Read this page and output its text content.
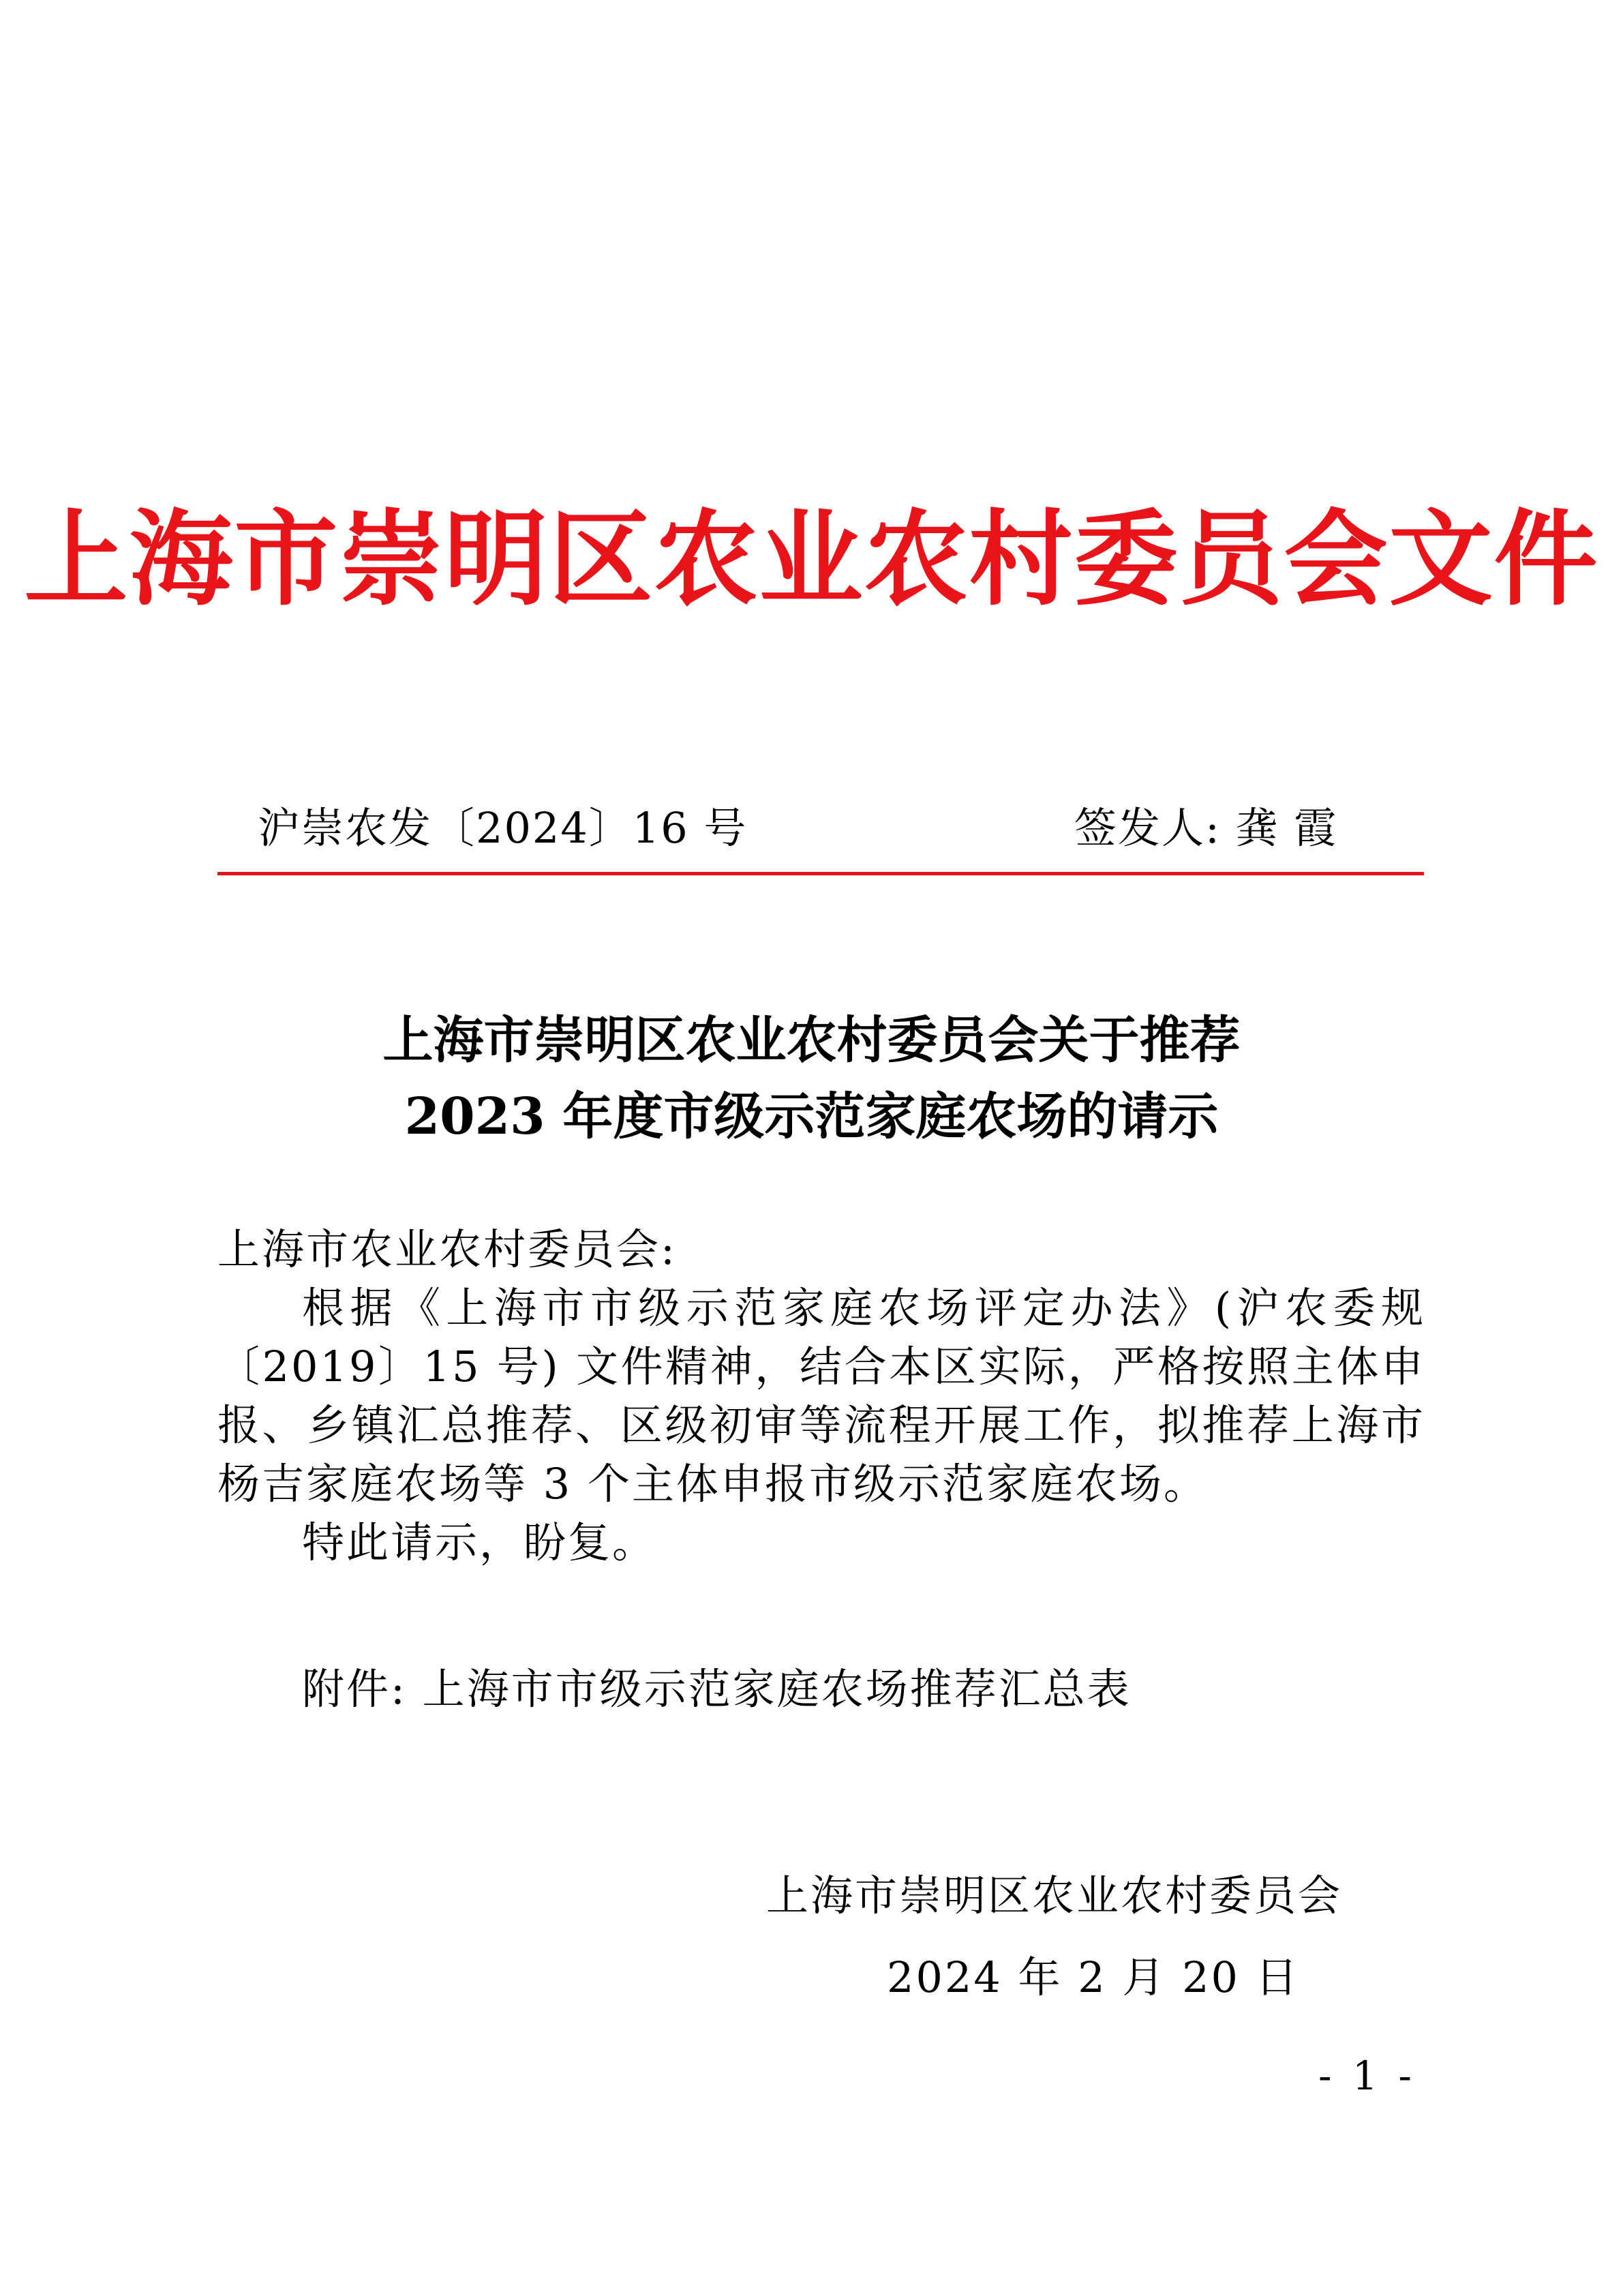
上海市崇明区农业农村委员会文件
沪崇农发〔2024〕16 号	签发人: 龚 霞
上海市崇明区农业农村委员会关于推荐
2023 年度市级示范家庭农场的请示
上海市农业农村委员会:
根据《上海市市级示范家庭农场评定办法》(沪农委规〔2019〕15 号) 文件精神，结合本区实际，严格按照主体申报、乡镇汇总推荐、区级初审等流程开展工作，拟推荐上海市杨吉家庭农场等 3 个主体申报市级示范家庭农场。
特此请示，盼复。
附件: 上海市市级示范家庭农场推荐汇总表
上海市崇明区农业农村委员会
2024 年 2 月 20 日
- 1 -
